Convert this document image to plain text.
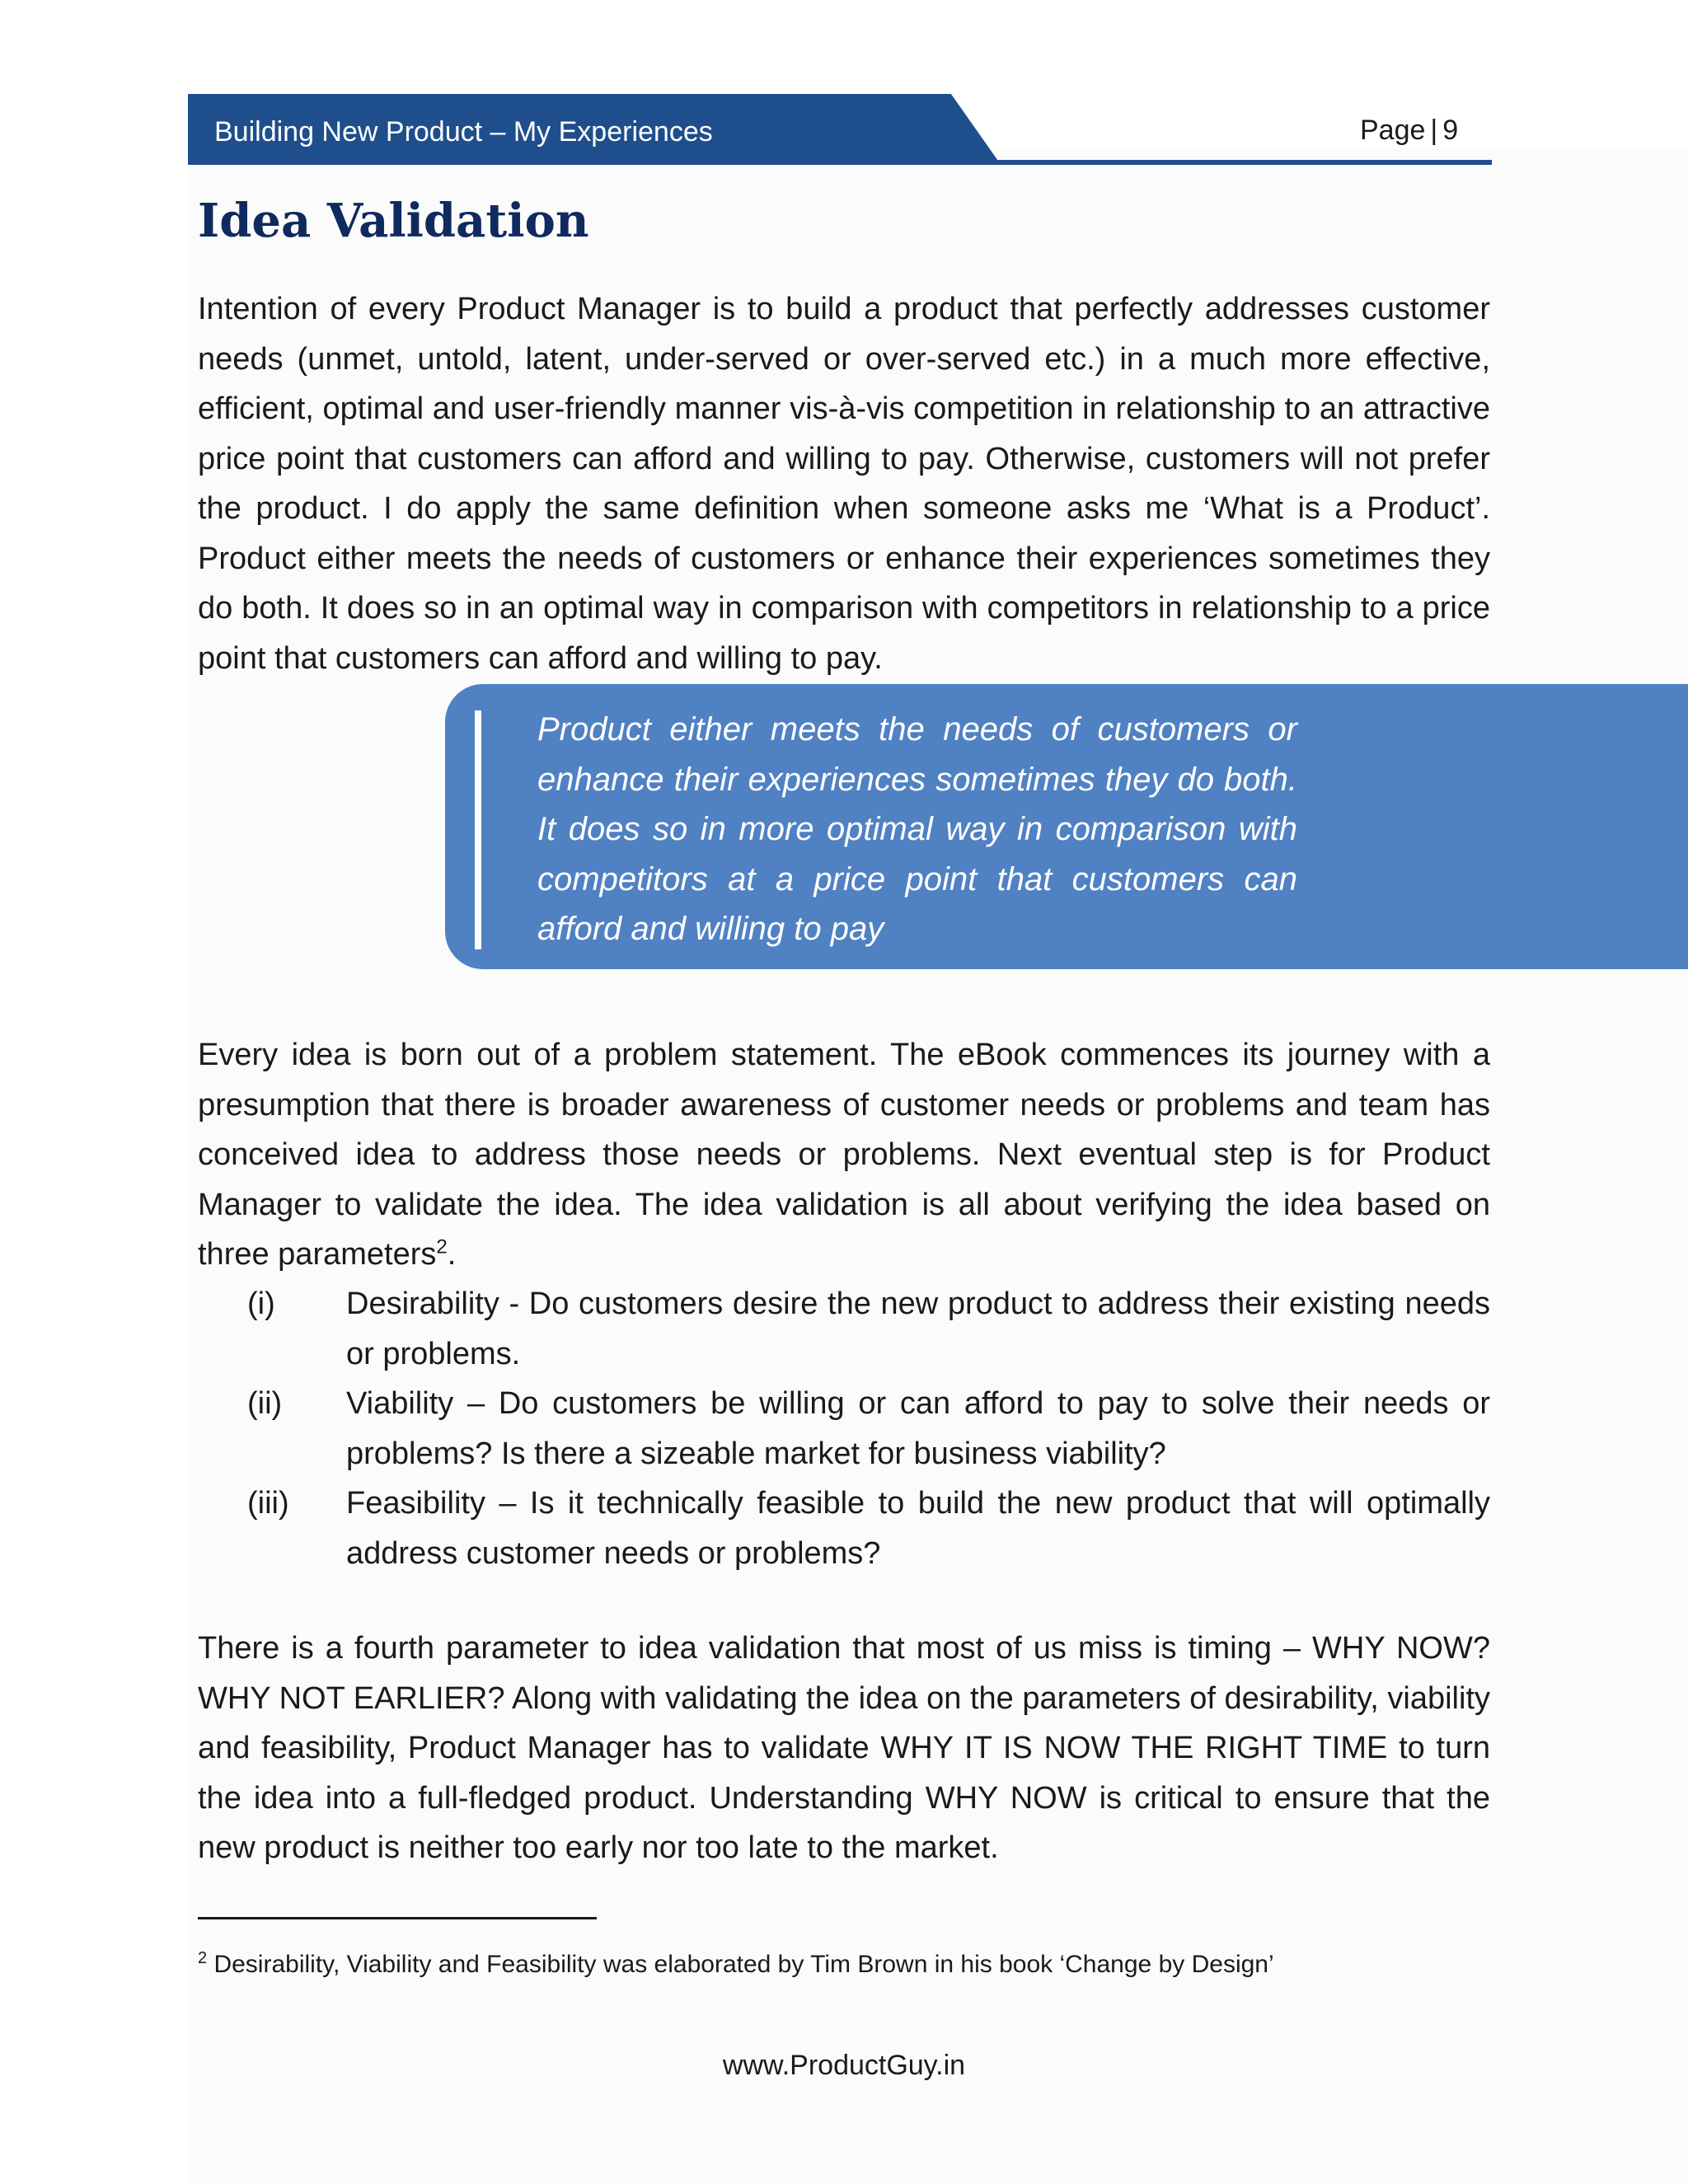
Building New Product – My Experiences	Page | 9
Idea Validation

Intention of every Product Manager is to build a product that perfectly addresses customer needs (unmet, untold, latent, under-served or over-served etc.) in a much more effective, efficient, optimal and user-friendly manner vis-à-vis competition in relationship to an attractive price point that customers can afford and willing to pay. Otherwise, customers will not prefer the product. I do apply the same definition when someone asks me ‘What is a Product’. Product either meets the needs of customers or enhance their experiences sometimes they do both. It does so in an optimal way in comparison with competitors in relationship to a price point that customers can afford and willing to pay.

Product either meets the needs of customers or enhance their experiences sometimes they do both. It does so in more optimal way in comparison with competitors at a price point that customers can afford and willing to pay

Every idea is born out of a problem statement. The eBook commences its journey with a presumption that there is broader awareness of customer needs or problems and team has conceived idea to address those needs or problems. Next eventual step is for Product Manager to validate the idea. The idea validation is all about verifying the idea based on three parameters$^2$.

(i)	Desirability - Do customers desire the new product to address their existing needs or problems.
(ii)	Viability – Do customers be willing or can afford to pay to solve their needs or problems? Is there a sizeable market for business viability?
(iii)	Feasibility – Is it technically feasible to build the new product that will optimally address customer needs or problems?

There is a fourth parameter to idea validation that most of us miss is timing – WHY NOW? WHY NOT EARLIER? Along with validating the idea on the parameters of desirability, viability and feasibility, Product Manager has to validate WHY IT IS NOW THE RIGHT TIME to turn the idea into a full-fledged product. Understanding WHY NOW is critical to ensure that the new product is neither too early nor too late to the market.

$^2$ Desirability, Viability and Feasibility was elaborated by Tim Brown in his book ‘Change by Design’

www.ProductGuy.in
